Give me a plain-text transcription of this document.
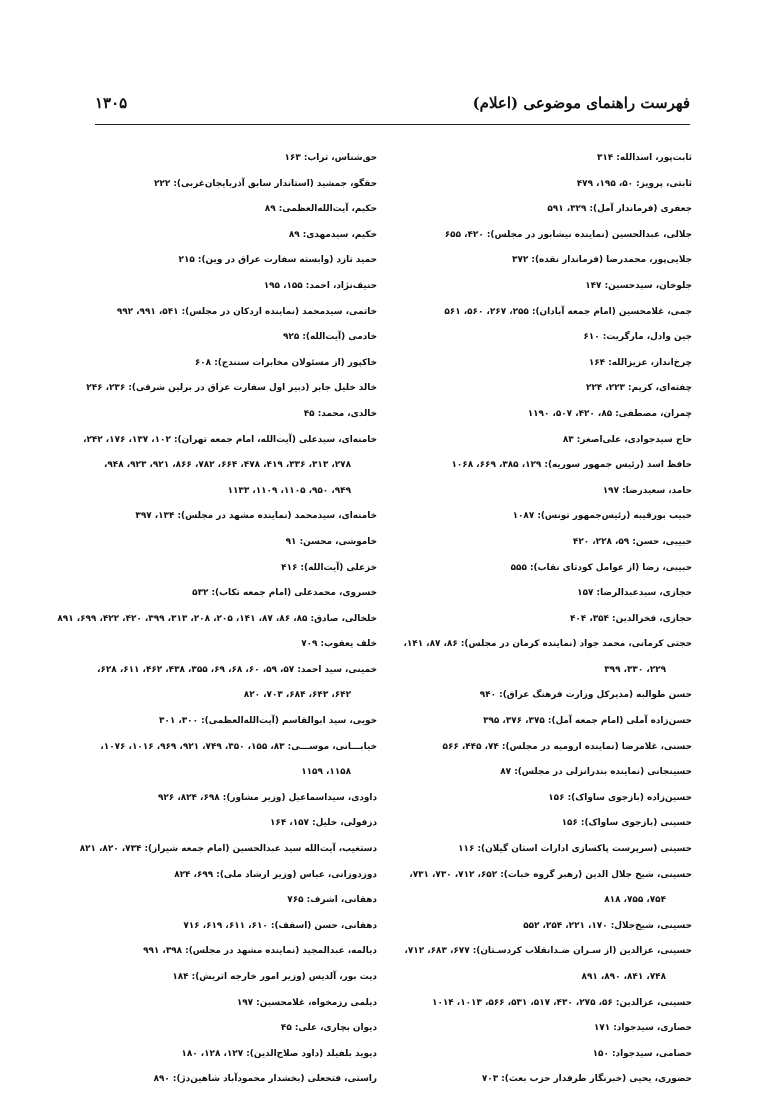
فهرست راهنمای موضوعی (اعلام)
۱۳۰۵
ثابت‌پور، اسدالله: ۳۱۴
ثابتی، پرویز: ۵۰، ۱۹۵، ۴۷۹
جعفری (فرماندار آمل): ۳۲۹، ۵۹۱
جلالی، عبدالحسین (نماینده نیشابور در مجلس): ۴۲۰، ۶۵۵
جلایی‌پور، محمدرضا (فرماندار نقده): ۳۷۲
جلوخان، سیدحسین: ۱۴۷
جمی، غلامحسین (امام جمعه آبادان): ۲۵۵، ۲۶۷، ۵۶۰، ۵۶۱
جین وادل، مارگریت: ۶۱۰
چرخ‌انداز، عزیزالله: ۱۶۴
چفته‌ای، کریم: ۲۲۳، ۲۲۴
چمران، مصطفی: ۸۵، ۴۲۰، ۵۰۷، ۱۱۹۰
حاج سیدجوادی، علی‌اصغر: ۸۳
حافظ اسد (رئیس جمهور سوریه): ۱۲۹، ۳۸۵، ۶۶۹، ۱۰۶۸
حامد، سعیدرضا: ۱۹۷
حبیب بورقیبه (رئیس‌جمهور تونس): ۱۰۸۷
حبیبی، حسن: ۵۹، ۲۲۸، ۴۲۰
حبیبی، رضا (از عوامل کودتای نقاب): ۵۵۵
حجازی، سیدعبدالرضا: ۱۵۷
حجازی، فخرالدین: ۳۵۴، ۴۰۴
حجتی کرمانی، محمد جواد (نماینده کرمان در مجلس): ۸۶، ۸۷، ۱۴۱،
۲۲۹، ۳۳۰، ۳۹۹
حسن طوالبه (مدیرکل وزارت فرهنگ عراق): ۹۴۰
حسن‌زاده آملی (امام جمعه آمل): ۳۷۵، ۳۷۶، ۳۹۵
حسنی، غلامرضا (نماینده ارومیه در مجلس): ۷۴، ۴۴۵، ۵۶۶
حسینجانی (نماینده بندرانزلی در مجلس): ۸۷
حسین‌زاده (بازجوی ساواک): ۱۵۶
حسینی (بازجوی ساواک): ۱۵۶
حسینی (سرپرست پاکسازی ادارات استان گیلان): ۱۱۶
حسینی، شیخ جلال الدین (رهبر گروه خبات): ۶۵۲، ۷۱۲، ۷۳۰، ۷۳۱،
۷۵۴، ۷۵۵، ۸۱۸
حسینی، شیخ‌جلال: ۱۷۰، ۲۲۱، ۲۵۴، ۵۵۲
حسینی، عزالدین (از سـران ضـدانقلاب کردسـتان): ۶۷۷، ۶۸۳، ۷۱۲،
۷۴۸، ۸۴۱، ۸۹۰، ۸۹۱
حسینی، عزالدین: ۵۶، ۲۷۵، ۴۳۰، ۵۱۷، ۵۳۱، ۵۶۶، ۱۰۱۳، ۱۰۱۴
حصاری، سیدجواد: ۱۷۱
حصامی، سیدجواد: ۱۵۰
حضوری، یحیی (خبرنگار طرفدار حزب بعث): ۷۰۳
حق‌شناس، تراب: ۱۶۳
حقگو، جمشید (استاندار سابق آذربایجان‌غربی): ۲۲۲
حکیم، آیت‌الله‌العظمی: ۸۹
حکیم، سیدمهدی: ۸۹
حمید تازد (وابسته سفارت عراق در وین): ۲۱۵
حنیف‌نژاد، احمد: ۱۵۵، ۱۹۵
خاتمی، سیدمحمد (نماینده اردکان در مجلس): ۵۴۱، ۹۹۱، ۹۹۲
خادمی (آیت‌الله): ۹۲۵
خاکپور (از مسئولان مخابرات سنندج): ۶۰۸
خالد خلیل جابر (دبیر اول سفارت عراق در برلین شرقی): ۲۳۶، ۲۴۶
خالدی، محمد: ۴۵
خامنه‌ای، سیدعلی (آیت‌الله، امام جمعه تهران): ۱۰۲، ۱۳۷، ۱۷۶، ۲۴۲،
۲۷۸، ۳۱۳، ۳۳۶، ۴۱۹، ۴۷۸، ۶۶۴، ۷۸۲، ۸۶۶، ۹۲۱، ۹۲۳، ۹۴۸،
۹۴۹، ۹۵۰، ۱۱۰۵، ۱۱۰۹، ۱۱۳۳
خامنه‌ای، سیدمحمد (نماینده مشهد در مجلس): ۱۳۴، ۳۹۷
خاموشی، محسن: ۹۱
خزعلی (آیت‌الله): ۴۱۶
خسروی، محمدعلی (امام جمعه تکاب): ۵۳۲
خلخالی، صادق: ۸۵، ۸۶، ۸۷، ۱۴۱، ۲۰۵، ۲۰۸، ۳۱۳، ۳۹۹، ۴۲۰، ۴۲۲، ۶۹۹، ۸۹۱
خلف یعقوب: ۷۰۹
خمینی، سید احمد: ۵۷، ۵۹، ۶۰، ۶۸، ۶۹، ۳۵۵، ۴۳۸، ۴۶۲، ۶۱۱، ۶۲۸،
۶۴۲، ۶۴۳، ۶۸۴، ۷۰۳، ۸۲۰
خویی، سید ابوالقاسم (آیت‌الله‌العظمی): ۳۰۰، ۳۰۱
خیابـــانی، موســـی: ۸۳، ۱۵۵، ۳۵۰، ۷۴۹، ۹۲۱، ۹۶۹، ۱۰۱۶، ۱۰۷۶،
۱۱۵۸، ۱۱۵۹
داودی، سیداسماعیل (وزیر مشاور): ۶۹۸، ۸۲۴، ۹۲۶
دزفولی، خلیل: ۱۵۷، ۱۶۴
دستغیب، آیت‌الله سید عبدالحسین (امام جمعه شیراز): ۷۳۴، ۸۲۰، ۸۲۱
دوزدوزانی، عباس (وزیر ارشاد ملی): ۶۹۹، ۸۲۴
دهقانی، اشرف: ۷۶۵
دهقانی، حسن (اسقف): ۶۱۰، ۶۱۱، ۶۱۹، ۷۱۶
دیالمه، عبدالمجید (نماینده مشهد در مجلس): ۳۹۸، ۹۹۱
دیت بور، آلدیس (وزیر امور خارجه اتریش): ۱۸۴
دیلمی رزمخواه، غلامحسین: ۱۹۷
دیوان بچاری، علی: ۴۵
دیوید بلفیلد (داود صلاح‌الدین): ۱۲۷، ۱۲۸، ۱۸۰
راستی، فتحعلی (بخشدار محمودآباد شاهین‌دژ): ۸۹۰
